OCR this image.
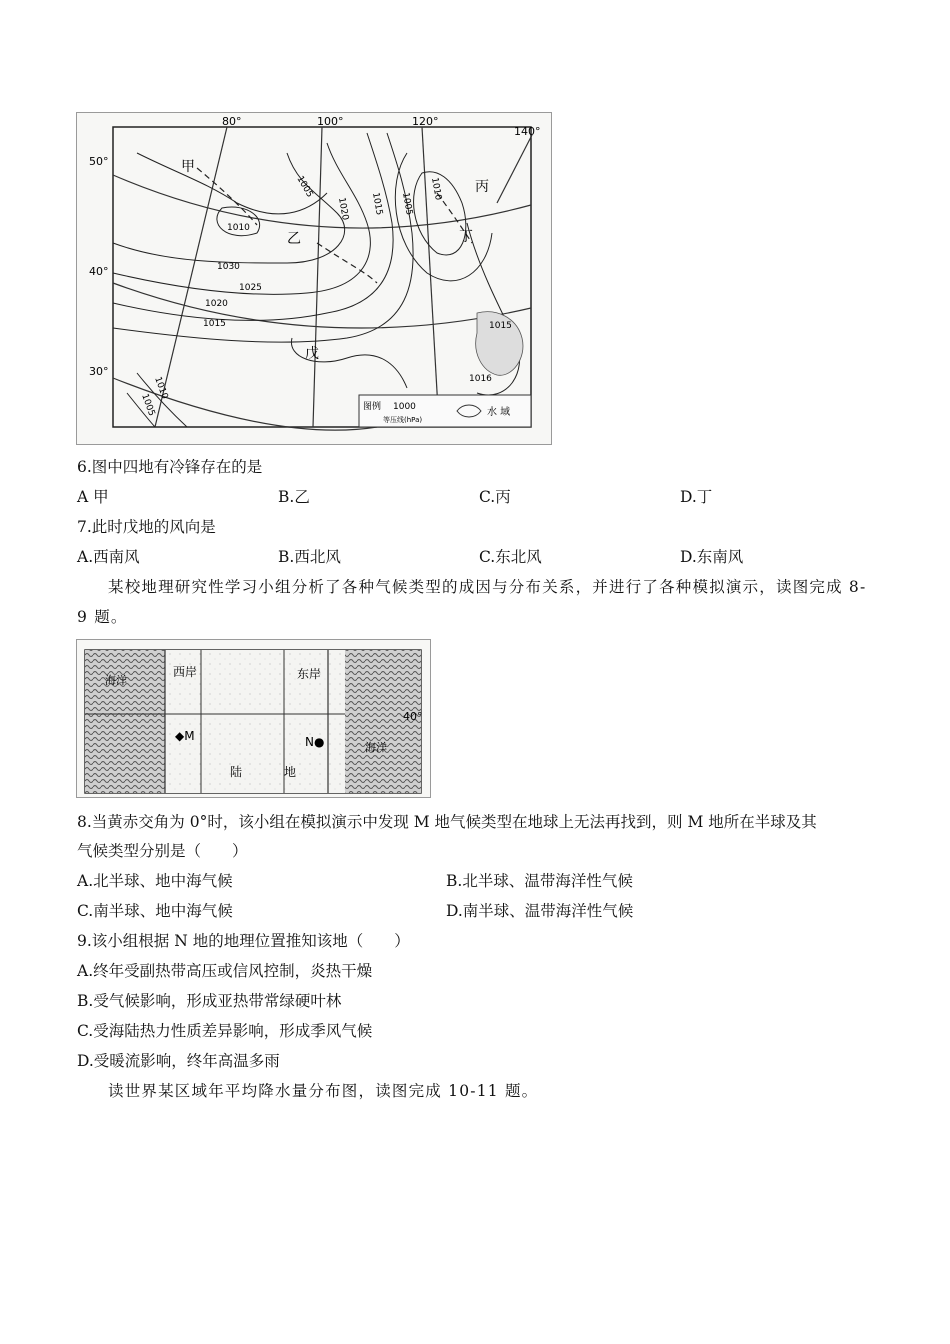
80°	100°	120°
140°
50°
40°
30°
1005
1020 1015 1005
1010
1030
1025
1020
1015
1010
1015
1016
1010
1005
甲
乙
丙
丁
戊
图例 1000
等压线(hPa)
水 域
6.图中四地有冷锋存在的是
A 甲	B.乙	C.丙	D.丁
7.此时戊地的风向是
A.西南风	B.西北风	C.东北风	D.东南风
某校地理研究性学习小组分析了各种气候类型的成因与分布关系，并进行了各种模拟演示，读图完成 8-9 题。
海洋
海洋
西岸	东岸
◆M	N●
陆	地
40°
8.当黄赤交角为 0°时，该小组在模拟演示中发现 M 地气候类型在地球上无法再找到，则 M 地所在半球及其
气候类型分别是（　　）
A.北半球、地中海气候	B.北半球、温带海洋性气候
C.南半球、地中海气候	D.南半球、温带海洋性气候
9.该小组根据 N 地的地理位置推知该地（　　）
A.终年受副热带高压或信风控制，炎热干燥
B.受气候影响，形成亚热带常绿硬叶林
C.受海陆热力性质差异影响，形成季风气候
D.受暖流影响，终年高温多雨
读世界某区域年平均降水量分布图，读图完成 10-11 题。
